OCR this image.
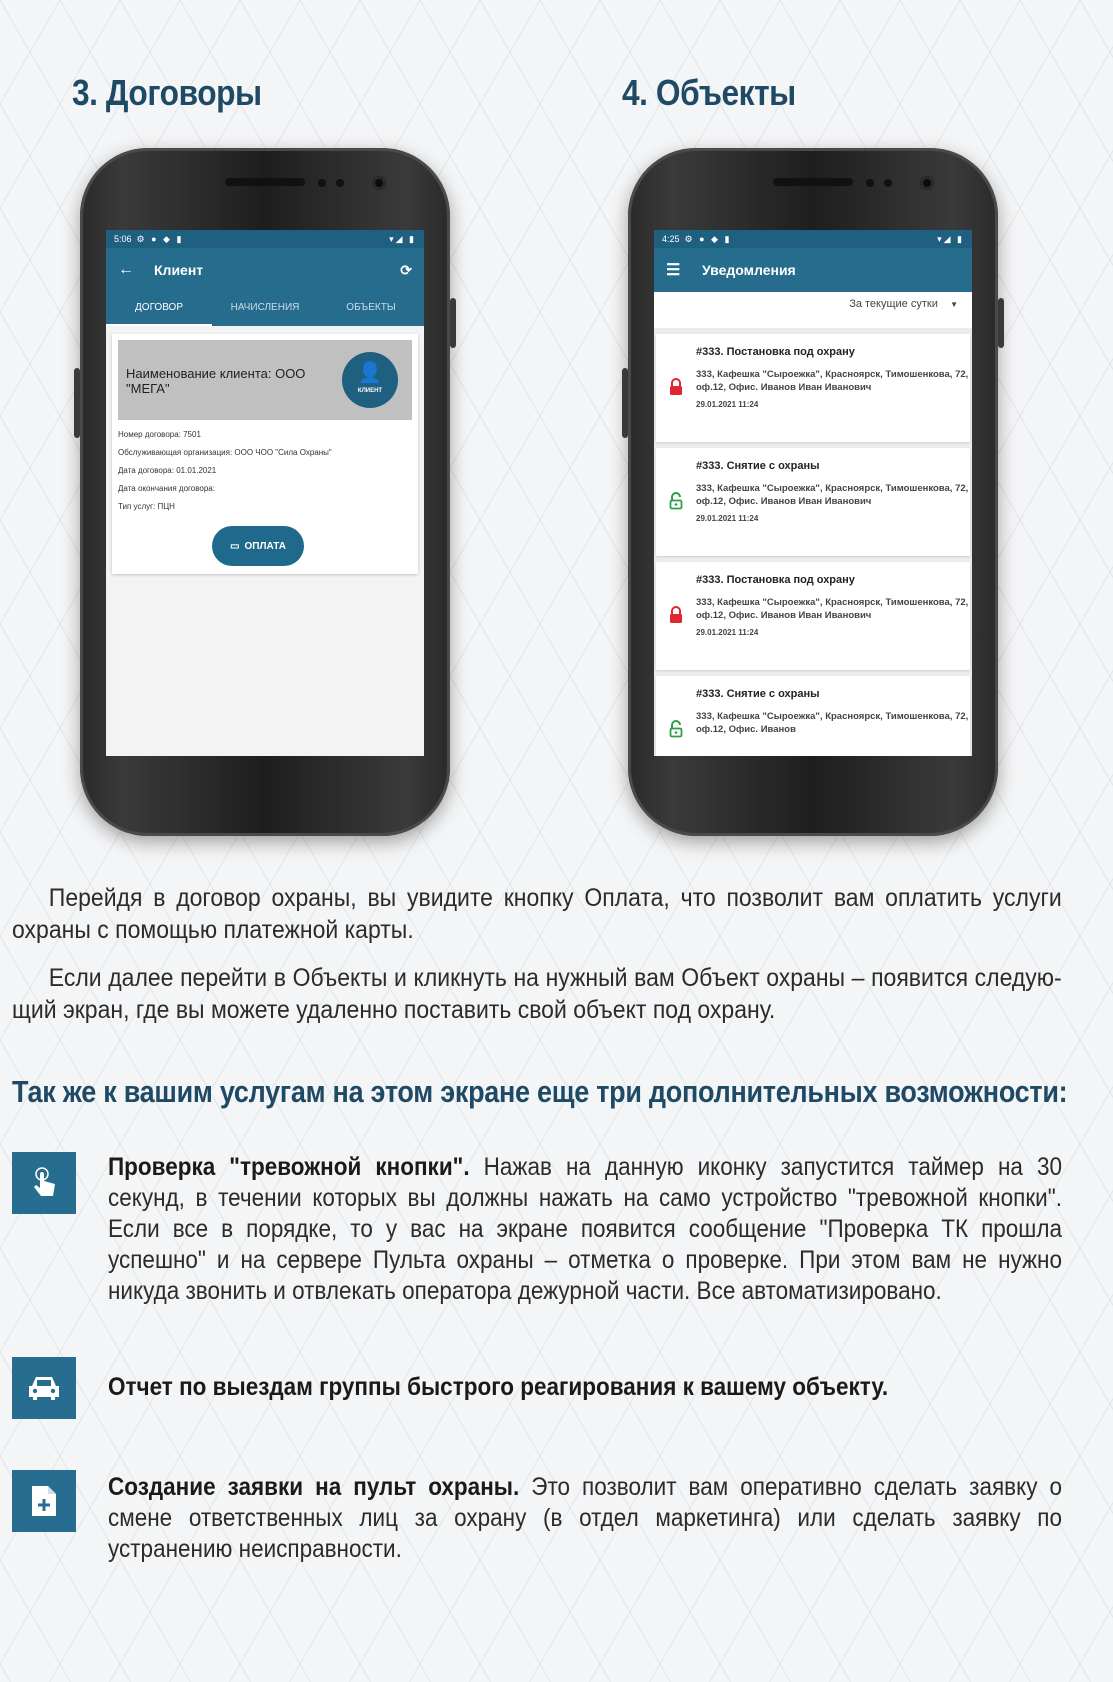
3. Договоры	4. Объекты
5:06 ⚙ ● ◆ ▮	▾◢ ▮
←	Клиент	⟳
ДОГОВОР	НАЧИСЛЕНИЯ	ОБЪЕКТЫ
Наименование клиента: ООО "МЕГА"
👤
КЛИЕНТ
Номер договора: 7501
Обслуживающая организация: ООО ЧОО "Сила Охраны"
Дата договора: 01.01.2021
Дата окончания договора:
Тип услуг: ПЦН
▭ ОПЛАТА
4:25 ⚙ ● ◆ ▮	▾◢ ▮
☰	Уведомления
За текущие сутки ▼
#333. Постановка под охрану
333, Кафешка "Сыроежка", Красноярск, Тимошенкова, 72, оф.12, Офис. Иванов Иван Иванович
29.01.2021 11:24
#333. Снятие с охраны
333, Кафешка "Сыроежка", Красноярск, Тимошенкова, 72, оф.12, Офис. Иванов Иван Иванович
29.01.2021 11:24
#333. Постановка под охрану
333, Кафешка "Сыроежка", Красноярск, Тимошенкова, 72, оф.12, Офис. Иванов Иван Иванович
29.01.2021 11:24
#333. Снятие с охраны
333, Кафешка "Сыроежка", Красноярск, Тимошенкова, 72, оф.12, Офис. Иванов

Перейдя в договор охраны, вы увидите кнопку Оплата, что позволит вам оплатить услуги охраны с помощью платежной карты.

Если далее перейти в Объекты и кликнуть на нужный вам Объект охраны – появится следую-щий экран, где вы можете удаленно поставить свой объект под охрану.

Так же к вашим услугам на этом экране еще три дополнительных возможности:

Проверка "тревожной кнопки". Нажав на данную иконку запустится таймер на 30 секунд, в течении которых вы должны нажать на само устройство "тревожной кнопки". Если все в порядке, то у вас на экране появится сообщение "Проверка ТК прошла успешно" и на сервере Пульта охраны – отметка о проверке. При этом вам не нужно никуда звонить и отвлекать оператора дежурной части. Все автоматизировано.

Отчет по выездам группы быстрого реагирования к вашему объекту.

Создание заявки на пульт охраны. Это позволит вам оперативно сделать заявку о смене ответственных лиц за охрану (в отдел маркетинга) или сделать заявку по устранению неисправности.
